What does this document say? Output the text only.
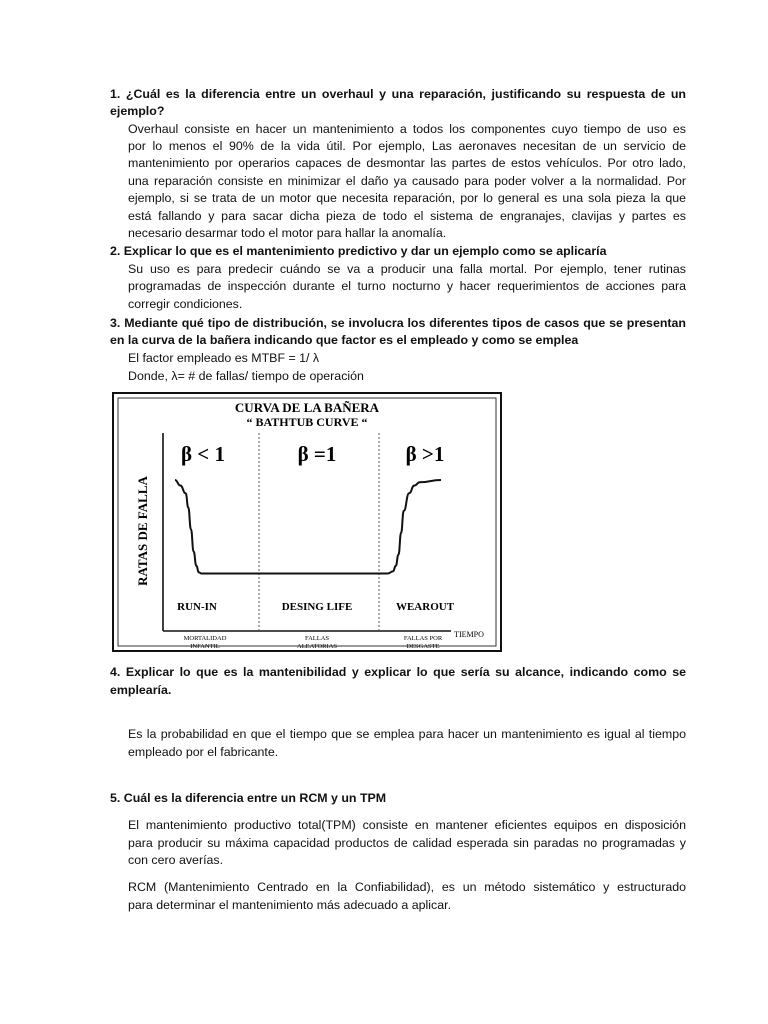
1. ¿Cuál es la diferencia entre un overhaul y una reparación, justificando su respuesta de un
ejemplo?
Overhaul consiste en hacer un mantenimiento a todos los componentes cuyo tiempo de uso es
por lo menos el 90% de la vida útil. Por ejemplo, Las aeronaves necesitan de un servicio de
mantenimiento por operarios capaces de desmontar las partes de estos vehículos. Por otro lado,
una reparación consiste en minimizar el daño ya causado para poder volver a la normalidad. Por
ejemplo, si se trata de un motor que necesita reparación, por lo general es una sola pieza la que
está fallando y para sacar dicha pieza de todo el sistema de engranajes, clavijas y partes es
necesario desarmar todo el motor para hallar la anomalía.
2. Explicar lo que es el mantenimiento predictivo y dar un ejemplo como se aplicaría
Su uso es para predecir cuándo se va a producir una falla mortal. Por ejemplo, tener rutinas
programadas de inspección durante el turno nocturno y hacer requerimientos de acciones para
corregir condiciones.
3. Mediante qué tipo de distribución, se involucra los diferentes tipos de casos que se presentan
en la curva de la bañera indicando que factor es el empleado y como se emplea
El factor empleado es MTBF = 1/ λ
Donde, λ= # de fallas/ tiempo de operación
CURVA DE LA BAÑERA
“ BATHTUB CURVE “
RATAS DE FALLA
β < 1	β =1	β >1
RUN-IN	DESING LIFE	WEAROUT
MORTALIDAD
INFANTIL
FALLAS
ALEATORIAS
FALLAS POR
DESGASTE
TIEMPO
4. Explicar lo que es la mantenibilidad y explicar lo que sería su alcance, indicando como se
emplearía.
Es la probabilidad en que el tiempo que se emplea para hacer un mantenimiento es igual al tiempo
empleado por el fabricante.
5. Cuál es la diferencia entre un RCM y un TPM
El mantenimiento productivo total(TPM) consiste en mantener eficientes equipos en disposición
para producir su máxima capacidad productos de calidad esperada sin paradas no programadas y
con cero averías.
RCM (Mantenimiento Centrado en la Confiabilidad), es un método sistemático y estructurado
para determinar el mantenimiento más adecuado a aplicar.
